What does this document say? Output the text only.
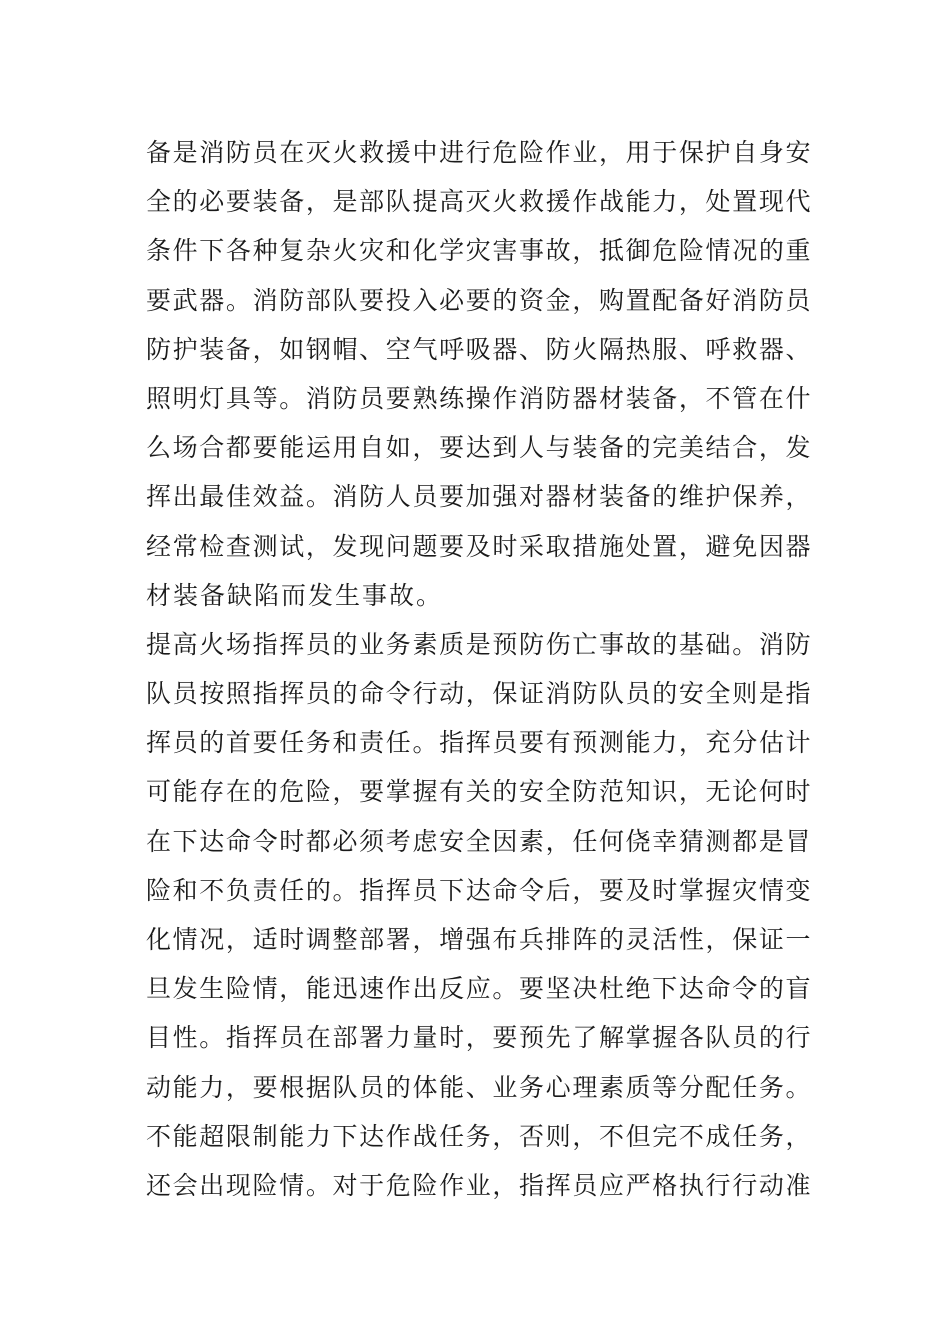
备是消防员在灭火救援中进行危险作业，用于保护自身安
全的必要装备，是部队提高灭火救援作战能力，处置现代
条件下各种复杂火灾和化学灾害事故，抵御危险情况的重
要武器。消防部队要投入必要的资金，购置配备好消防员
防护装备，如钢帽、空气呼吸器、防火隔热服、呼救器、
照明灯具等。消防员要熟练操作消防器材装备，不管在什
么场合都要能运用自如，要达到人与装备的完美结合，发
挥出最佳效益。消防人员要加强对器材装备的维护保养，
经常检查测试，发现问题要及时采取措施处置，避免因器
材装备缺陷而发生事故。
提高火场指挥员的业务素质是预防伤亡事故的基础。消防
队员按照指挥员的命令行动，保证消防队员的安全则是指
挥员的首要任务和责任。指挥员要有预测能力，充分估计
可能存在的危险，要掌握有关的安全防范知识，无论何时
在下达命令时都必须考虑安全因素，任何侥幸猜测都是冒
险和不负责任的。指挥员下达命令后，要及时掌握灾情变
化情况，适时调整部署，增强布兵排阵的灵活性，保证一
旦发生险情，能迅速作出反应。要坚决杜绝下达命令的盲
目性。指挥员在部署力量时，要预先了解掌握各队员的行
动能力，要根据队员的体能、业务心理素质等分配任务。
不能超限制能力下达作战任务，否则，不但完不成任务，
还会出现险情。对于危险作业，指挥员应严格执行行动准
